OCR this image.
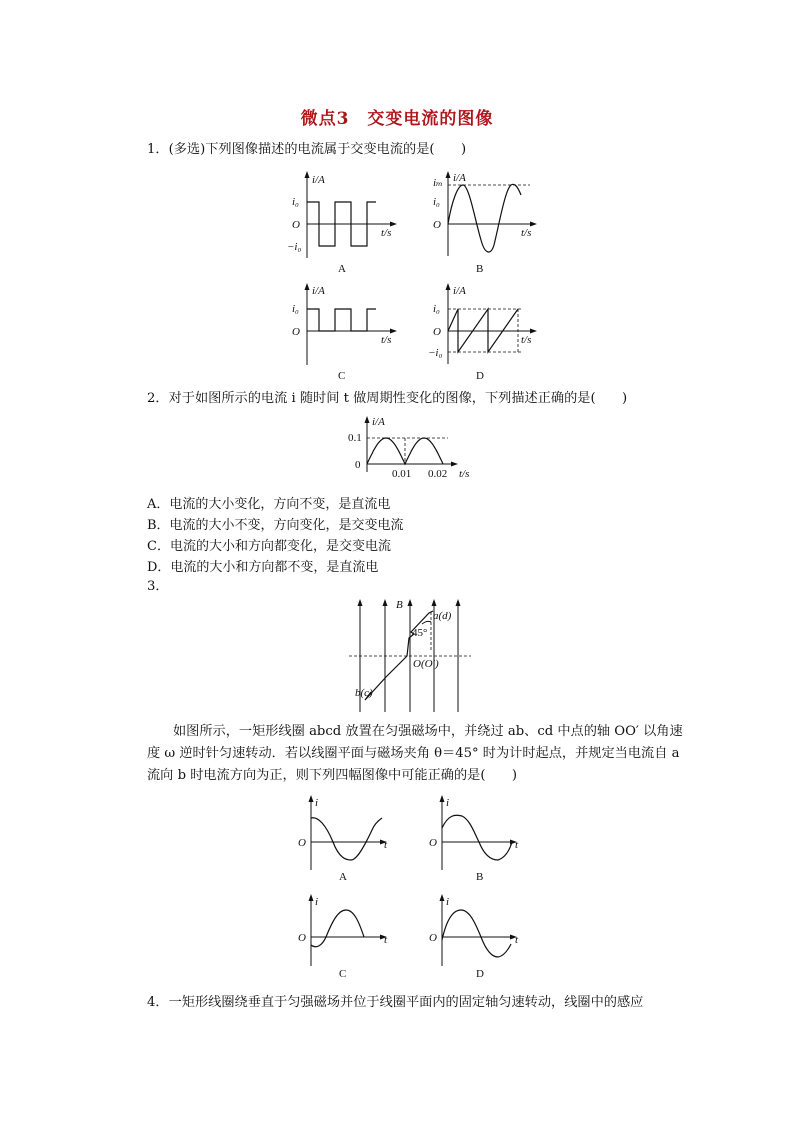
微点3　交变电流的图像
1．(多选)下列图像描述的电流属于交变电流的是(　　)
i/A
i₀
O
−i₀
t/s
A
i/A
iₘ
i₀
O
t/s
B
i/A
i₀
O
t/s
C
i/A
i₀
O
−i₀
t/s
D
2．对于如图所示的电流 i 随时间 t 做周期性变化的图像，下列描述正确的是(　　)
i/A
0.1
0
0.01 0.02 t/s
A．电流的大小变化，方向不变，是直流电
B．电流的大小不变，方向变化，是交变电流
C．电流的大小和方向都变化，是交变电流
D．电流的大小和方向都不变，是直流电
3．
B
a(d)
45°
O(O′)
b(c)
如图所示，一矩形线圈 abcd 放置在匀强磁场中，并绕过 ab、cd 中点的轴 OO′ 以角速度 ω 逆时针匀速转动．若以线圈平面与磁场夹角 θ＝45° 时为计时起点，并规定当电流自 a 流向 b 时电流方向为正，则下列四幅图像中可能正确的是(　　)
i
O	t
A
i
O	t
B
i
O	t
C
i
O	t
D
4．一矩形线圈绕垂直于匀强磁场并位于线圈平面内的固定轴匀速转动，线圈中的感应
